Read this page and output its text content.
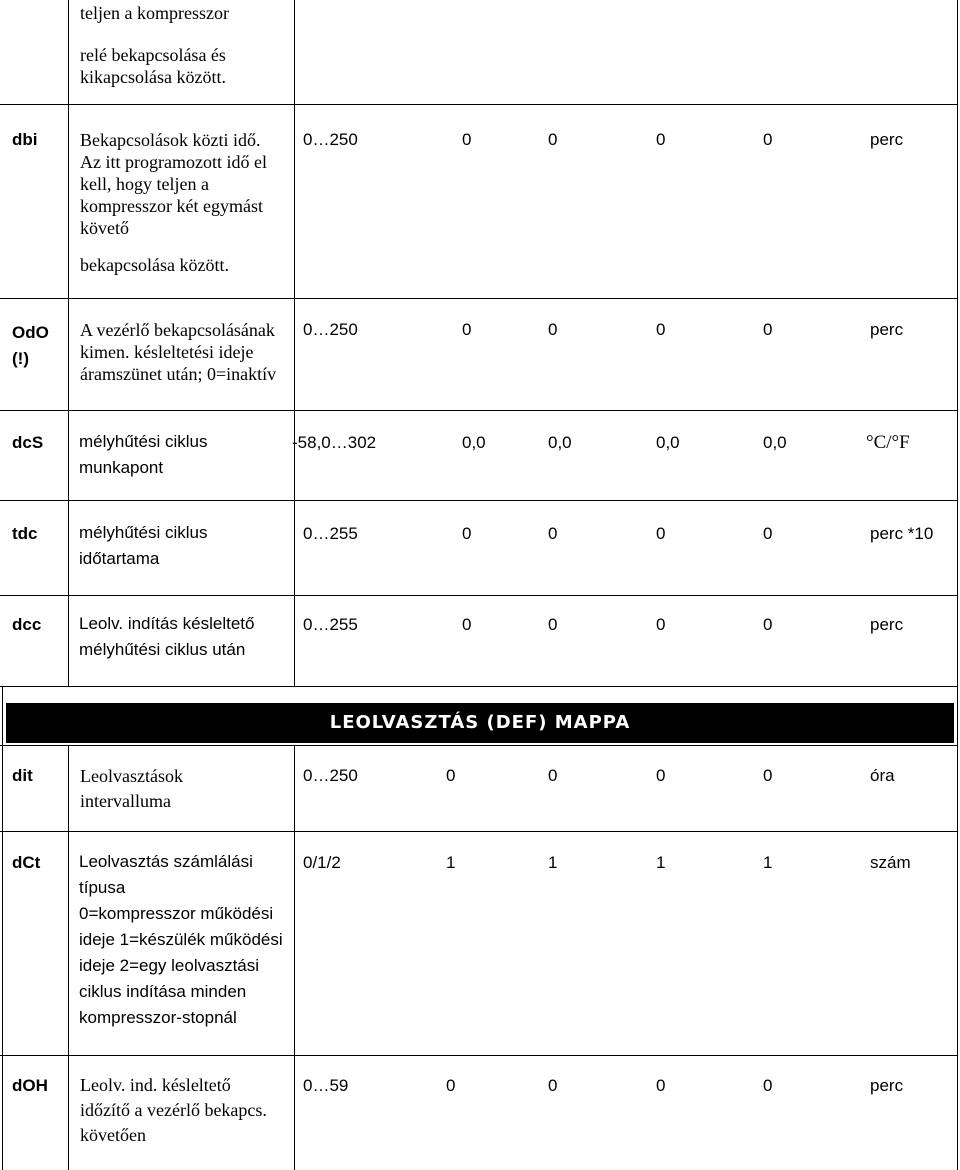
teljen a kompresszor
relé bekapcsolása és
kikapcsolása között.
dbi Bekapcsolások közti idő.
Az itt programozott idő el
kell, hogy teljen a
kompresszor két egymást
követő
bekapcsolása között.
0…250	0	0	0	0	perc
OdO
(!)
A vezérlő bekapcsolásának
kimen. késleltetési ideje
áramszünet után; 0=inaktív
0…250	0	0	0	0	perc
dcS mélyhűtési ciklus
munkapont
-58,0…302	0,0	0,0	0,0	0,0	°C/°F
tdc mélyhűtési ciklus
időtartama
0…255	0	0	0	0	perc *10
dcc Leolv. indítás késleltető
mélyhűtési ciklus után
0…255	0	0	0	0	perc
LEOLVASZTÁS (DEF) MAPPA
dit	Leolvasztások
intervalluma
0…250	0	0	0	0	óra
dCt Leolvasztás számlálási
típusa
0=kompresszor működési
ideje 1=készülék működési
ideje 2=egy leolvasztási
ciklus indítása minden
kompresszor-stopnál
0/1/2	1	1	1	1	szám
dOH Leolv. ind. késleltető
időzítő a vezérlő bekapcs.
követően
0…59	0	0	0	0	perc
